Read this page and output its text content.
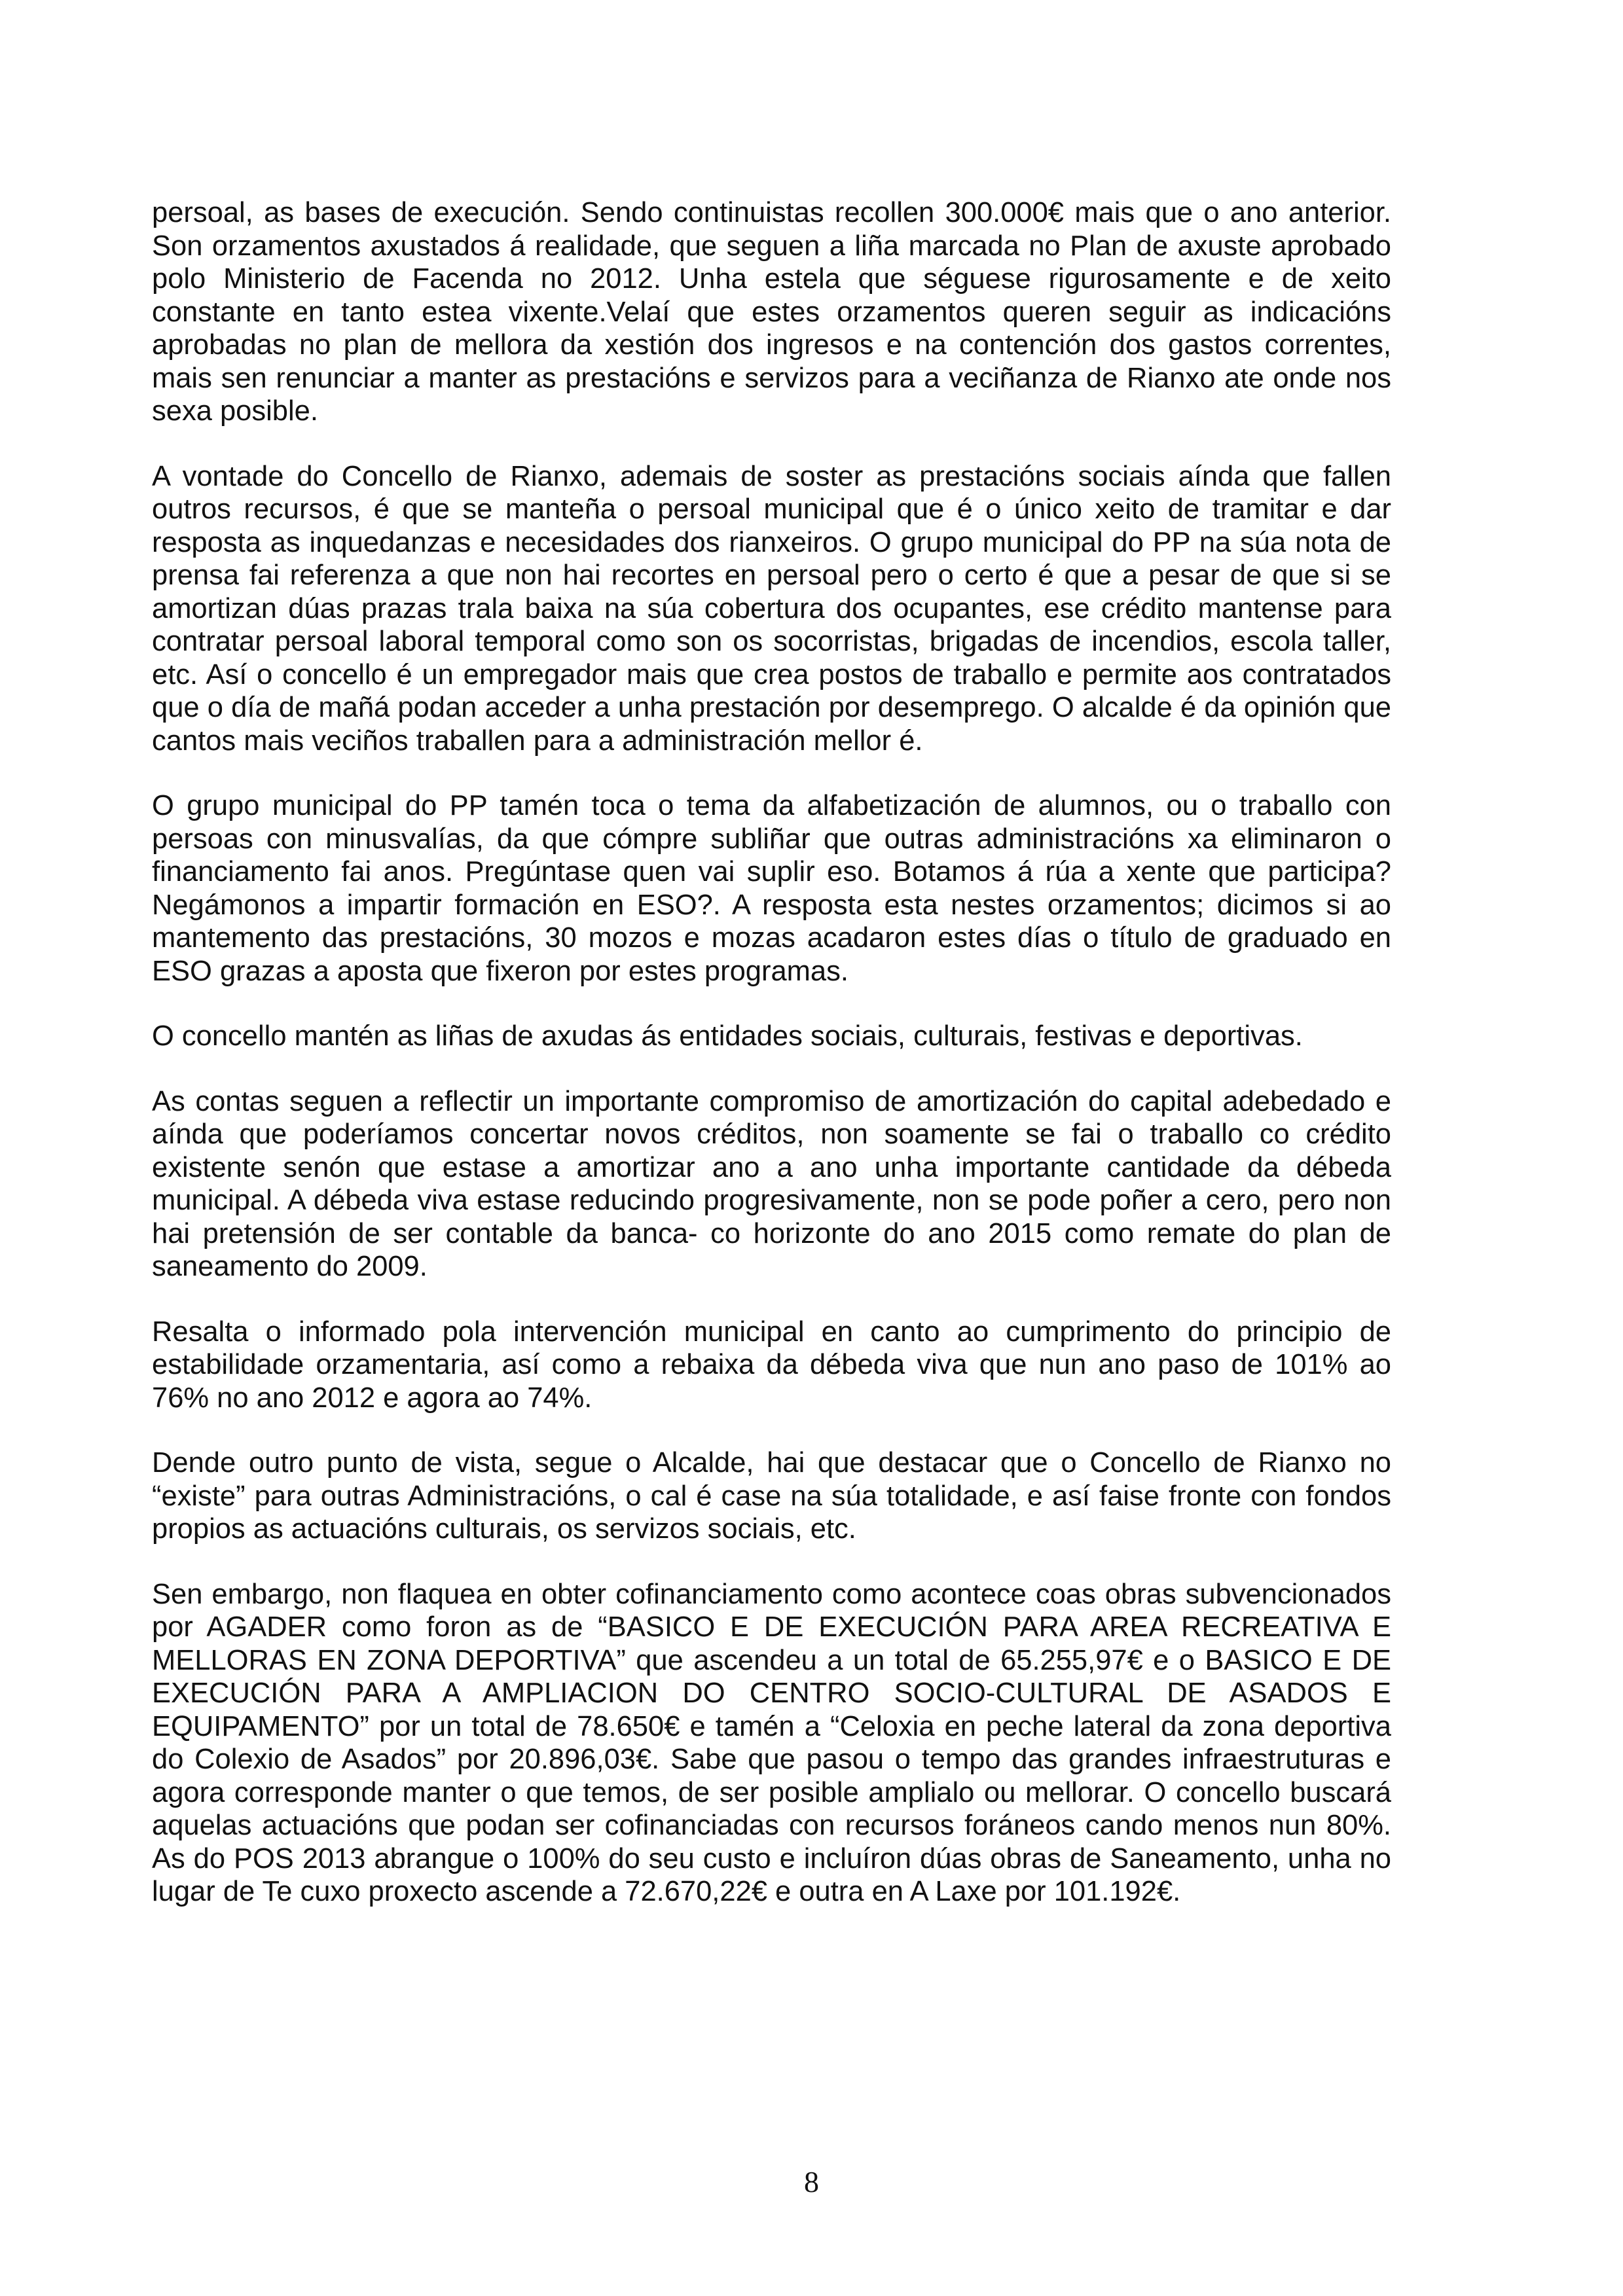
persoal, as bases de execución. Sendo continuistas recollen 300.000€ mais que o ano anterior. Son orzamentos axustados á realidade, que seguen a liña marcada no Plan de axuste aprobado polo Ministerio de Facenda no 2012. Unha estela que séguese rigurosamente e de xeito constante en tanto estea vixente.Velaí que estes orzamentos queren seguir as indicacións aprobadas no plan de mellora da xestión dos ingresos e na contención dos gastos correntes, mais sen renunciar a manter as prestacións e servizos para a veciñanza de Rianxo ate onde nos sexa posible.

A vontade do Concello de Rianxo, ademais de soster as prestacións sociais aínda que fallen outros recursos, é que se manteña o persoal municipal que é o único xeito de tramitar e dar resposta as inquedanzas e necesidades dos rianxeiros. O grupo municipal do PP na súa nota de prensa fai referenza a que non hai recortes en persoal pero o certo é que a pesar de que si se amortizan dúas prazas trala baixa na súa cobertura dos ocupantes, ese crédito mantense para contratar persoal laboral temporal como son os socorristas, brigadas de incendios, escola taller, etc. Así o concello é un empregador mais que crea postos de traballo e permite aos contratados que o día de mañá podan acceder a unha prestación por desemprego. O alcalde é da opinión que cantos mais veciños traballen para a administración mellor é.

O grupo municipal do PP tamén toca o tema da alfabetización de alumnos, ou o traballo con persoas con minusvalías, da que cómpre subliñar que outras administracións xa eliminaron o financiamento fai anos. Pregúntase quen vai suplir eso. Botamos á rúa a xente que participa? Negámonos a impartir formación en ESO?. A resposta esta nestes orzamentos; dicimos si ao mantemento das prestacións, 30 mozos e mozas acadaron estes días o título de graduado en ESO grazas a aposta que fixeron por estes programas.

O concello mantén as liñas de axudas ás entidades sociais, culturais, festivas e deportivas.

As contas seguen a reflectir un importante compromiso de amortización do capital adebedado e aínda que poderíamos concertar novos créditos, non soamente se fai o traballo co crédito existente senón que estase a amortizar ano a ano unha importante cantidade da débeda municipal. A débeda viva estase reducindo progresivamente, non se pode poñer a cero, pero non hai pretensión de ser contable da banca- co horizonte do ano 2015 como remate do plan de saneamento do 2009.

Resalta o informado pola intervención municipal en canto ao cumprimento do principio de estabilidade orzamentaria, así como a rebaixa da débeda viva que nun ano paso de 101% ao 76% no ano 2012 e agora ao 74%.

Dende outro punto de vista, segue o Alcalde, hai que destacar que o Concello de Rianxo no “existe” para outras Administracións, o cal é case na súa totalidade, e así faise fronte con fondos propios as actuacións culturais, os servizos sociais, etc.

Sen embargo, non flaquea en obter cofinanciamento como acontece coas obras subvencionados por AGADER como foron as de “BASICO E DE EXECUCIÓN PARA AREA RECREATIVA E MELLORAS EN ZONA DEPORTIVA” que ascendeu a un total de 65.255,97€ e o BASICO E DE EXECUCIÓN PARA A AMPLIACION DO CENTRO SOCIO-CULTURAL DE ASADOS E EQUIPAMENTO” por un total de 78.650€ e tamén a “Celoxia en peche lateral da zona deportiva do Colexio de Asados” por 20.896,03€. Sabe que pasou o tempo das grandes infraestruturas e agora corresponde manter o que temos, de ser posible amplialo ou mellorar. O concello buscará aquelas actuacións que podan ser cofinanciadas con recursos foráneos cando menos nun 80%. As do POS 2013 abrangue o 100% do seu custo e incluíron dúas obras de Saneamento, unha no lugar de Te cuxo proxecto ascende a 72.670,22€ e outra en A Laxe por 101.192€.

8
